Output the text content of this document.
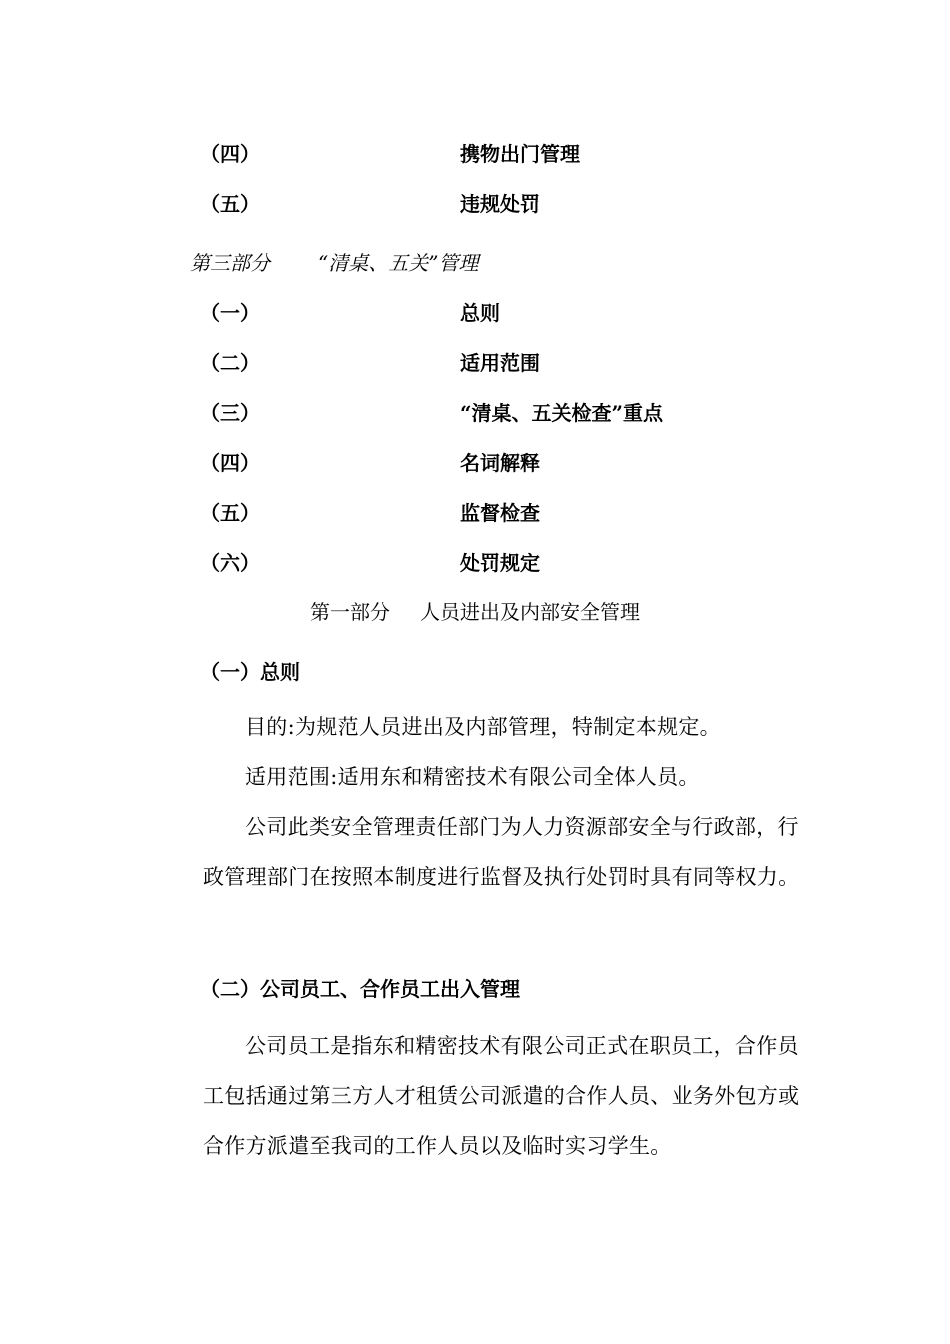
（四）	携物出门管理
（五）	违规处罚
第三部分 “清桌、五关”管理
（一）	总则
（二）	适用范围
（三）	“清桌、五关检查”重点
（四）	名词解释
（五）	监督检查
（六）	处罚规定
第一部分 人员进出及内部安全管理
（一）总则
目的:为规范人员进出及内部管理，特制定本规定。
适用范围:适用东和精密技术有限公司全体人员。
公司此类安全管理责任部门为人力资源部安全与行政部，行政管理部门在按照本制度进行监督及执行处罚时具有同等权力。
（二）公司员工、合作员工出入管理
公司员工是指东和精密技术有限公司正式在职员工，合作员工包括通过第三方人才租赁公司派遣的合作人员、业务外包方或合作方派遣至我司的工作人员以及临时实习学生。
